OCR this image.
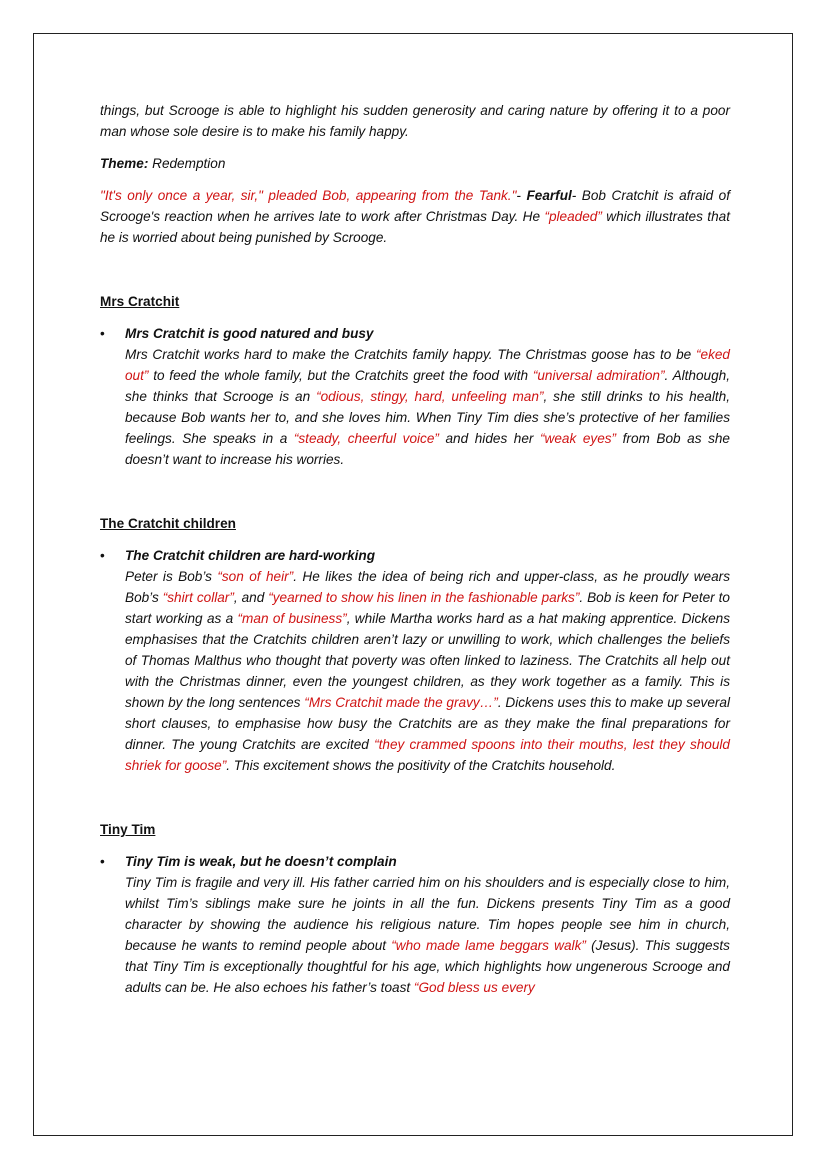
things, but Scrooge is able to highlight his sudden generosity and caring nature by offering it to a poor man whose sole desire is to make his family happy.

Theme: Redemption

"It's only once a year, sir," pleaded Bob, appearing from the Tank."- Fearful- Bob Cratchit is afraid of Scrooge's reaction when he arrives late to work after Christmas Day. He “pleaded” which illustrates that he is worried about being punished by Scrooge.

Mrs Cratchit

• Mrs Cratchit is good natured and busy

Mrs Cratchit works hard to make the Cratchits family happy. The Christmas goose has to be “eked out” to feed the whole family, but the Cratchits greet the food with “universal admiration”. Although, she thinks that Scrooge is an “odious, stingy, hard, unfeeling man”, she still drinks to his health, because Bob wants her to, and she loves him. When Tiny Tim dies she’s protective of her families feelings. She speaks in a “steady, cheerful voice” and hides her “weak eyes” from Bob as she doesn’t want to increase his worries.

The Cratchit children

• The Cratchit children are hard-working

Peter is Bob’s “son of heir”. He likes the idea of being rich and upper-class, as he proudly wears Bob’s “shirt collar”, and “yearned to show his linen in the fashionable parks”. Bob is keen for Peter to start working as a “man of business”, while Martha works hard as a hat making apprentice. Dickens emphasises that the Cratchits children aren’t lazy or unwilling to work, which challenges the beliefs of Thomas Malthus who thought that poverty was often linked to laziness. The Cratchits all help out with the Christmas dinner, even the youngest children, as they work together as a family. This is shown by the long sentences “Mrs Cratchit made the gravy…”. Dickens uses this to make up several short clauses, to emphasise how busy the Cratchits are as they make the final preparations for dinner. The young Cratchits are excited “they crammed spoons into their mouths, lest they should shriek for goose”. This excitement shows the positivity of the Cratchits household.

Tiny Tim

• Tiny Tim is weak, but he doesn’t complain

Tiny Tim is fragile and very ill. His father carried him on his shoulders and is especially close to him, whilst Tim’s siblings make sure he joints in all the fun. Dickens presents Tiny Tim as a good character by showing the audience his religious nature. Tim hopes people see him in church, because he wants to remind people about “who made lame beggars walk” (Jesus). This suggests that Tiny Tim is exceptionally thoughtful for his age, which highlights how ungenerous Scrooge and adults can be. He also echoes his father’s toast “God bless us every
